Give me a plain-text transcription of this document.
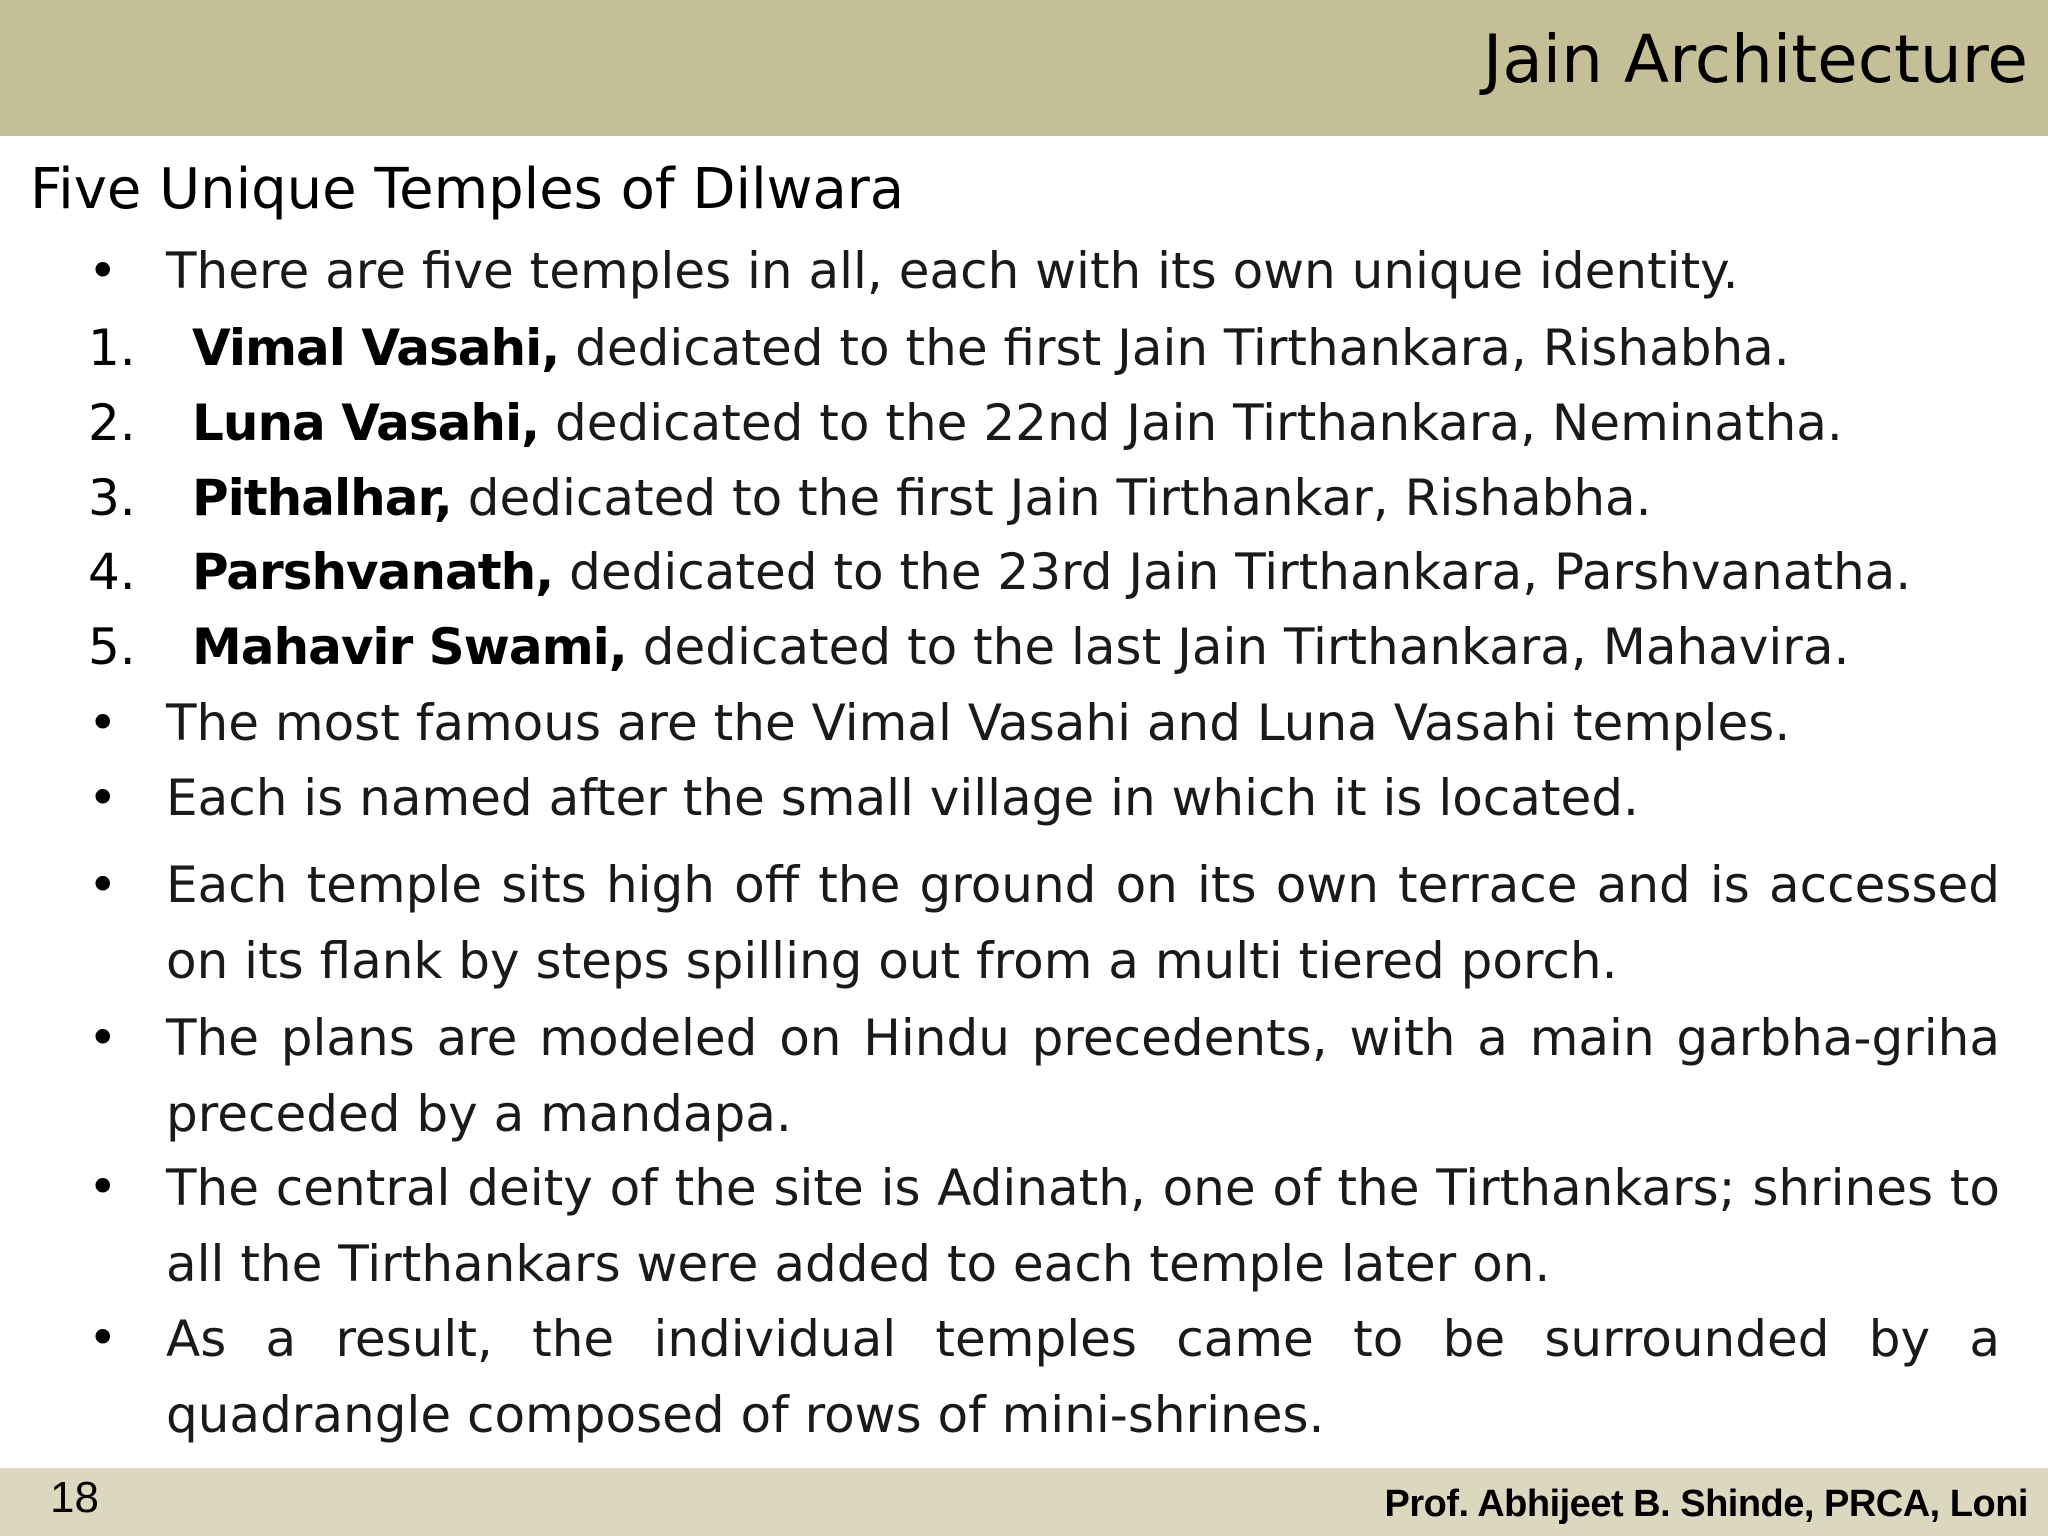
Jain Architecture
Five Unique Temples of Dilwara
• There are five temples in all, each with its own unique identity.
1. Vimal Vasahi, dedicated to the first Jain Tirthankara, Rishabha.
2. Luna Vasahi, dedicated to the 22nd Jain Tirthankara, Neminatha.
3. Pithalhar, dedicated to the first Jain Tirthankar, Rishabha.
4. Parshvanath, dedicated to the 23rd Jain Tirthankara, Parshvanatha.
5. Mahavir Swami, dedicated to the last Jain Tirthankara, Mahavira.
• The most famous are the Vimal Vasahi and Luna Vasahi temples.
• Each is named after the small village in which it is located.
• Each temple sits high off the ground on its own terrace and is accessed
on its flank by steps spilling out from a multi tiered porch.
• The plans are modeled on Hindu precedents, with a main garbha-griha
preceded by a mandapa.
• The central deity of the site is Adinath, one of the Tirthankars; shrines to
all the Tirthankars were added to each temple later on.
• As a result, the individual temples came to be surrounded by a
quadrangle composed of rows of mini-shrines.
18	Prof. Abhijeet B. Shinde, PRCA, Loni
